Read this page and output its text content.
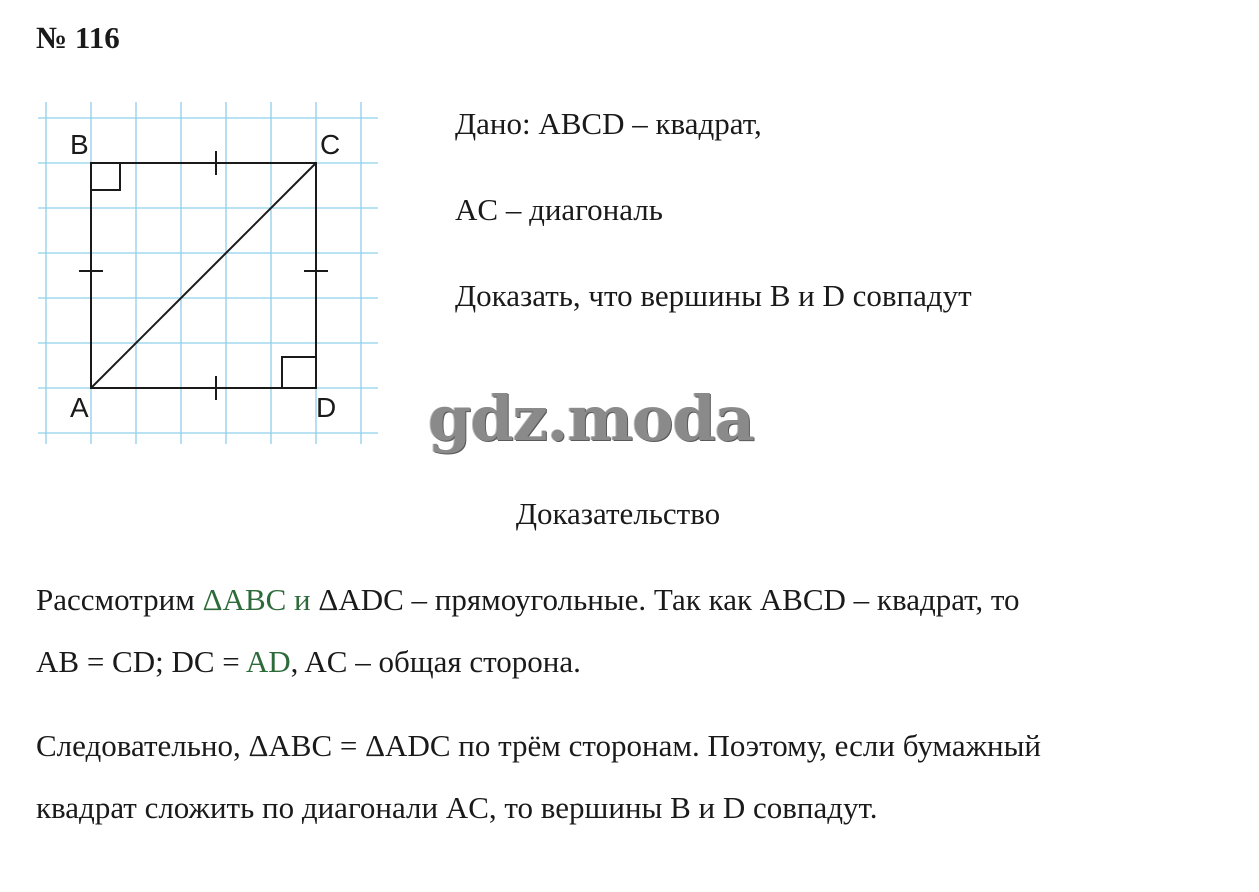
№ 116
B	C
A	D
Дано: ABCD – квадрат,
AC – диагональ
Доказать, что вершины B и D совпадут
gdz.moda
Доказательство
Рассмотрим ΔABC и ΔADC – прямоугольные. Так как ABCD – квадрат, то
AB = CD; DC = AD, AC – общая сторона.
Следовательно, ΔABC = ΔADC по трём сторонам. Поэтому, если бумажный
квадрат сложить по диагонали AC, то вершины B и D совпадут.
